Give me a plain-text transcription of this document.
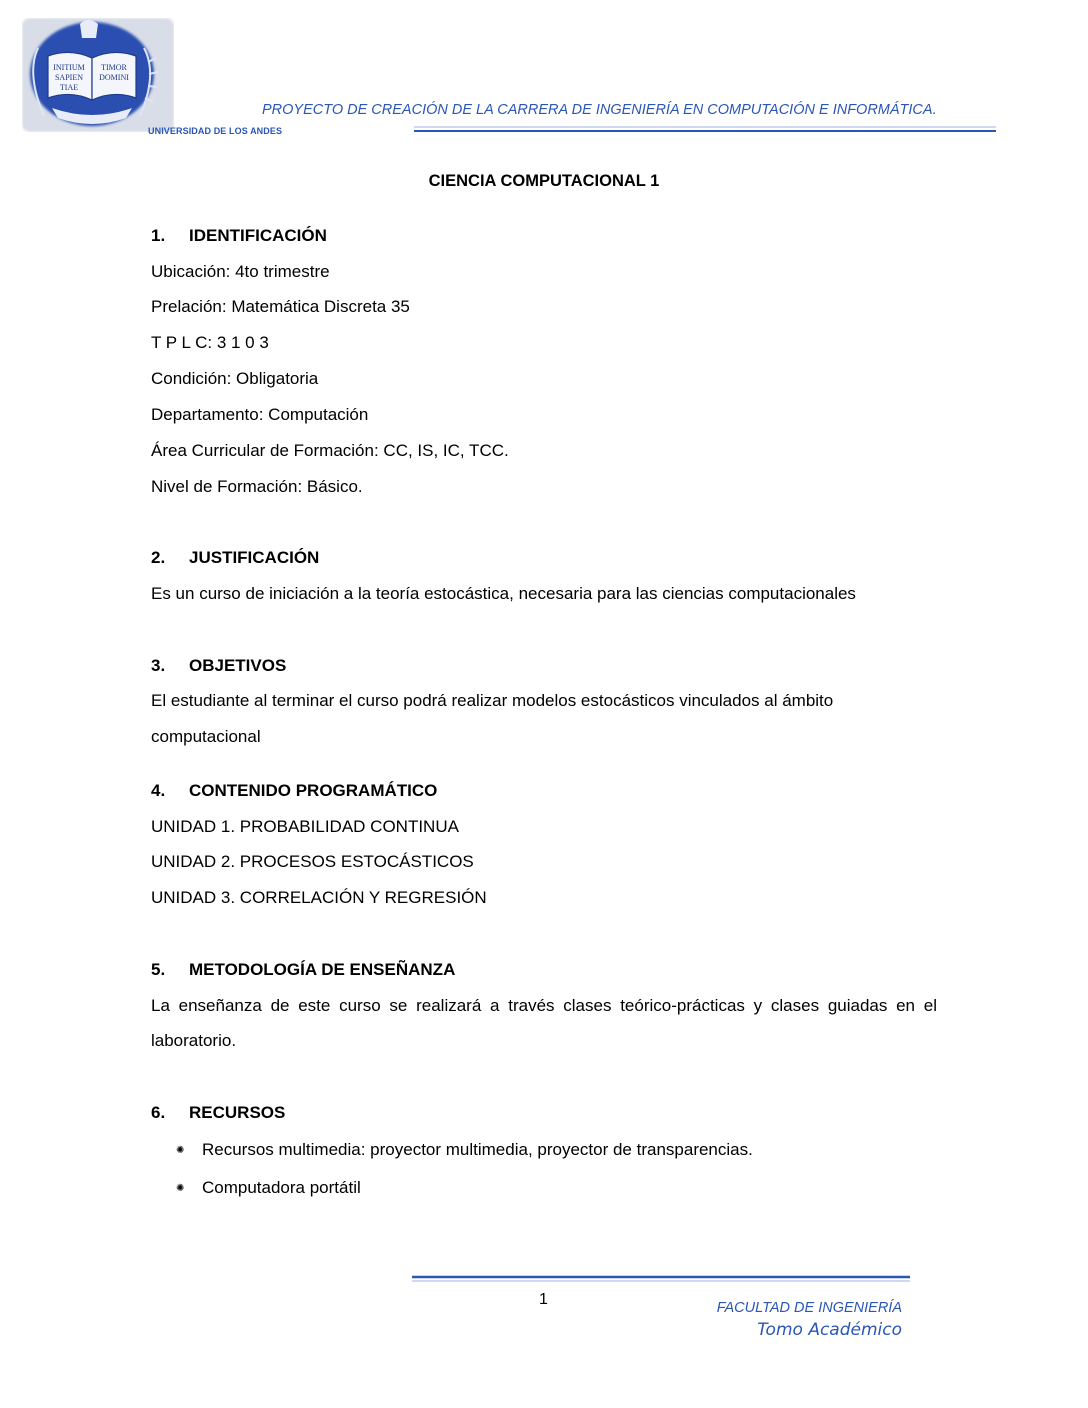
INITIUM
SAPIEN
TIAE
TIMOR
DOMINI
UNIVERSIDAD DE LOS ANDES
PROYECTO DE CREACIÓN DE LA CARRERA DE INGENIERÍA EN COMPUTACIÓN E INFORMÁTICA.
CIENCIA COMPUTACIONAL 1
1. IDENTIFICACIÓN
Ubicación: 4to trimestre
Prelación: Matemática Discreta 35
T P L C: 3 1 0 3
Condición: Obligatoria
Departamento: Computación
Área Curricular de Formación: CC, IS, IC, TCC.
Nivel de Formación: Básico.
2. JUSTIFICACIÓN
Es un curso de iniciación a la teoría estocástica, necesaria para las ciencias computacionales
3. OBJETIVOS
El estudiante al terminar el curso podrá realizar modelos estocásticos vinculados al ámbito
computacional
4. CONTENIDO PROGRAMÁTICO
UNIDAD 1. PROBABILIDAD CONTINUA
UNIDAD 2. PROCESOS ESTOCÁSTICOS
UNIDAD 3. CORRELACIÓN Y REGRESIÓN
5. METODOLOGÍA DE ENSEÑANZA
La enseñanza de este curso se realizará a través clases teórico-prácticas y clases guiadas en el
laboratorio.
6. RECURSOS
✺ Recursos multimedia: proyector multimedia, proyector de transparencias.
✺ Computadora portátil
1	FACULTAD DE INGENIERÍA
Tomo Académico
